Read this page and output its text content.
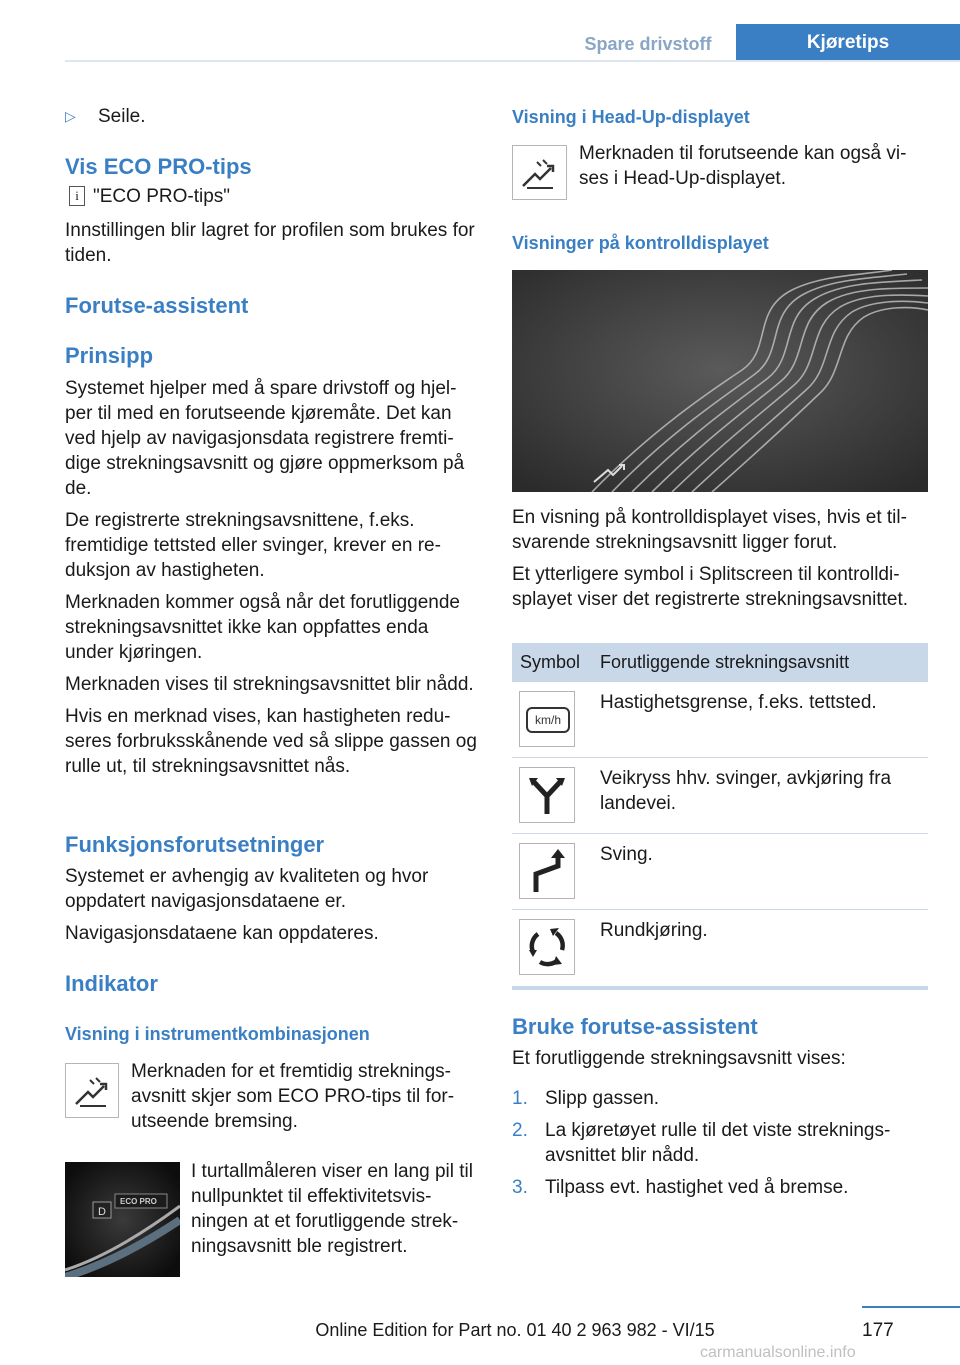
Spare drivstoff	Kjøretips
▷ Seile.
Vis ECO PRO-tips
i "ECO PRO-tips"

Innstillingen blir lagret for profilen som brukes for tiden.

Forutse-assistent
Prinsipp

Systemet hjelper med å spare drivstoff og hjelper til med en forutseende kjøremåte. Det kan ved hjelp av navigasjonsdata registrere fremtidige strekningsavsnitt og gjøre oppmerksom på de.

De registrerte strekningsavsnittene, f.eks. fremtidige tettsted eller svinger, krever en reduksjon av hastigheten.

Merknaden kommer også når det forutliggende strekningsavsnittet ikke kan oppfattes enda under kjøringen.

Merknaden vises til strekningsavsnittet blir nådd.

Hvis en merknad vises, kan hastigheten reduseres forbruksskånende ved så slippe gassen og rulle ut, til strekningsavsnittet nås.

Funksjonsforutsetninger

Systemet er avhengig av kvaliteten og hvor oppdatert navigasjonsdataene er.

Navigasjonsdataene kan oppdateres.

Indikator
Visning i instrumentkombinasjonen

Merknaden for et fremtidig strekningsavsnitt skjer som ECO PRO-tips til forutseende bremsing.

D
ECO PRO

I turtallmåleren viser en lang pil til nullpunktet til effektivitetsvisningen at et forutliggende strekningsavsnitt ble registrert.

Visning i Head-Up-displayet

Merknaden til forutseende kan også vises i Head-Up-displayet.

Visninger på kontrolldisplayet

En visning på kontrolldisplayet vises, hvis et tilsvarende strekningsavsnitt ligger forut.

Et ytterligere symbol i Splitscreen til kontrolldisplayet viser det registrerte strekningsavsnittet.

Symbol Forutliggende strekningsavsnitt
km/h
Hastighetsgrense, f.eks. tettsted.
Veikryss hhv. svinger, avkjøring fra landevei.
Sving.
Rundkjøring.
Bruke forutse-assistent

Et forutliggende strekningsavsnitt vises:

1. Slipp gassen.
2. La kjøretøyet rulle til det viste strekningsavsnittet blir nådd.
3. Tilpass evt. hastighet ved å bremse.
177
Online Edition for Part no. 01 40 2 963 982 - VI/15
carmanualsonline.info
